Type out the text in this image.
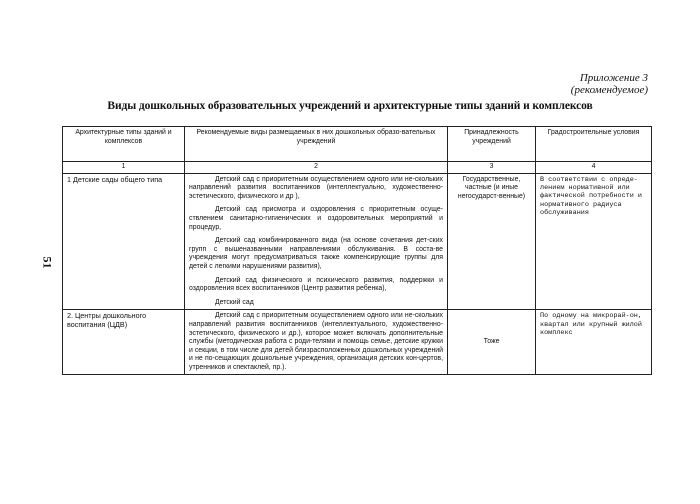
51
Приложение 3
(рекомендуемое)
Виды дошкольных образовательных учреждений и архитектурные типы зданий и комплексов
Архитектурные типы зданий и комплексов	Рекомендуемые виды размещаемых в них дошкольных образо-вательных учреждений	Принадлежность учреждений	Градостроительные условия
1	2	3	4
1 Детские сады общего типа	Детский сад с приоритетным осуществлением одного или не-скольких направлений развития воспитанников (интеллектуально, художественно-эстетического, физического и др ),

Детский сад присмотра и оздоровления с приоритетным осуще-ствлением санитарно-гигиенических и оздоровительных мероприятий и процедур,

Детский сад комбинированного вида (на основе сочетания дет-ских групп с вышеназванными направлениями обслуживания. В соста-ве учреждения могут предусматриваться также компенсирующие группы для детей с легкими нарушениями развития),

Детский сад физического и психического развития, поддержки и оздоровления всех воспитанников (Центр развития ребенка),

Детский сад	Государственные, частные (и иные негосударст-венные)	В соответствии с опреде-лением нормативной или фактической потребности и нормативного радиуса обслуживания
2. Центры дошкольного воспитания (ЦДВ)	Детский сад с приоритетным осуществлением одного или не-скольких направлений развития воспитанников (интеллектуального, художественно-эстетического, физического и др.), которое может включать дополнительные службы (методическая работа с роди-телями и помощь семье, детские кружки и секции, в том числе для детей близрасположенных дошкольных учреждений и не по-сещающих дошкольные учреждения, организация детских кон-цертов, утренников и спектаклей, пр.).	Тоже	По одному на микрорай-он, квартал или крупный жилой комплекс
